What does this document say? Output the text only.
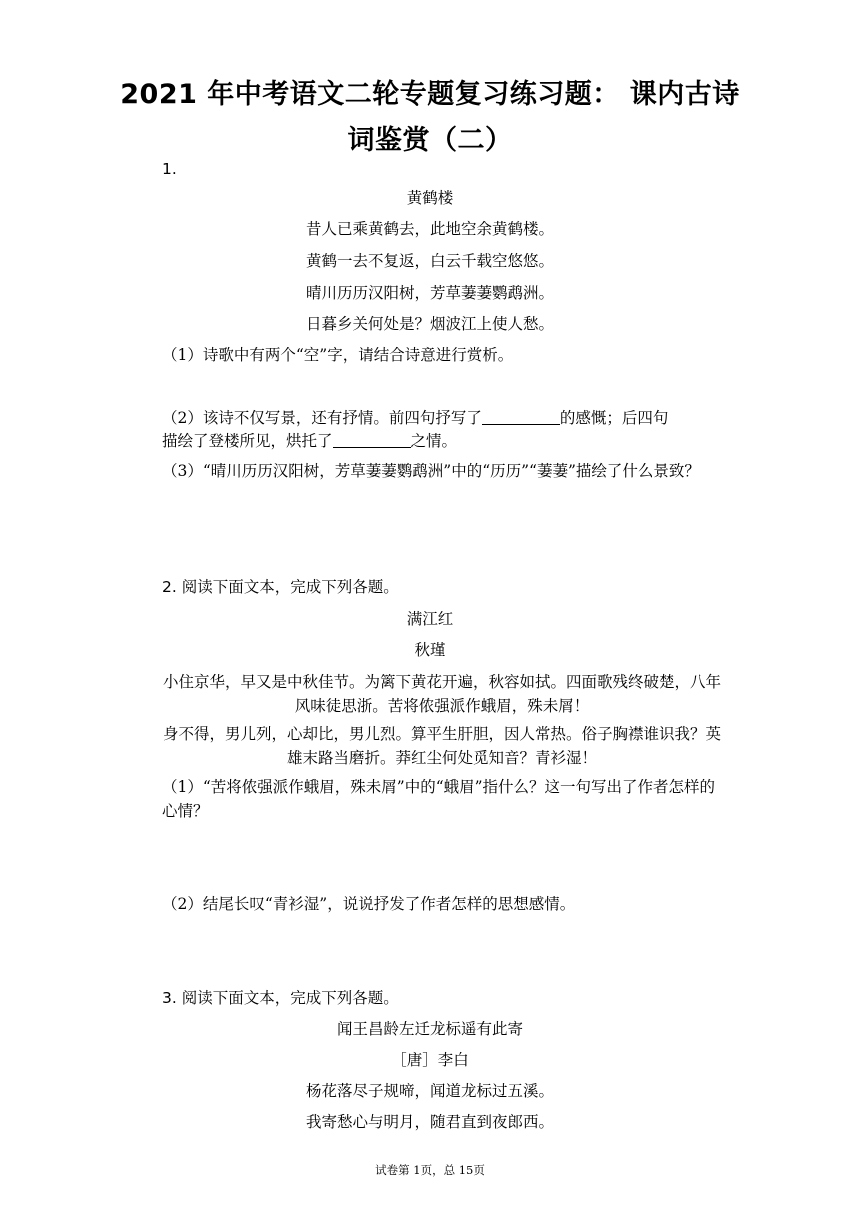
2021 年中考语文二轮专题复习练习题： 课内古诗
词鉴赏（二）
1.
黄鹤楼
昔人已乘黄鹤去，此地空余黄鹤楼。
黄鹤一去不复返，白云千载空悠悠。
晴川历历汉阳树，芳草萋萋鹦鹉洲。
日暮乡关何处是？烟波江上使人愁。
（1）诗歌中有两个“空”字，请结合诗意进行赏析。
（2）该诗不仅写景，还有抒情。前四句抒写了	的感慨；后四句
描绘了登楼所见，烘托了	之情。
（3）“晴川历历汉阳树，芳草萋萋鹦鹉洲”中的“历历”“萋萋”描绘了什么景致？
2. 阅读下面文本，完成下列各题。
满江红
秋瑾
小住京华，早又是中秋佳节。为篱下黄花开遍，秋容如拭。四面歌残终破楚，八年风味徒思浙。苦将侬强派作蛾眉，殊未屑！
身不得，男儿列，心却比，男儿烈。算平生肝胆，因人常热。俗子胸襟谁识我？英雄末路当磨折。莽红尘何处觅知音？青衫湿！
（1）“苦将侬强派作蛾眉，殊未屑”中的“蛾眉”指什么？这一句写出了作者怎样的心情？
（2）结尾长叹“青衫湿”，说说抒发了作者怎样的思想感情。
3. 阅读下面文本，完成下列各题。
闻王昌龄左迁龙标遥有此寄
［唐］李白
杨花落尽子规啼，闻道龙标过五溪。
我寄愁心与明月，随君直到夜郎西。
试卷第 1页，总 15页
